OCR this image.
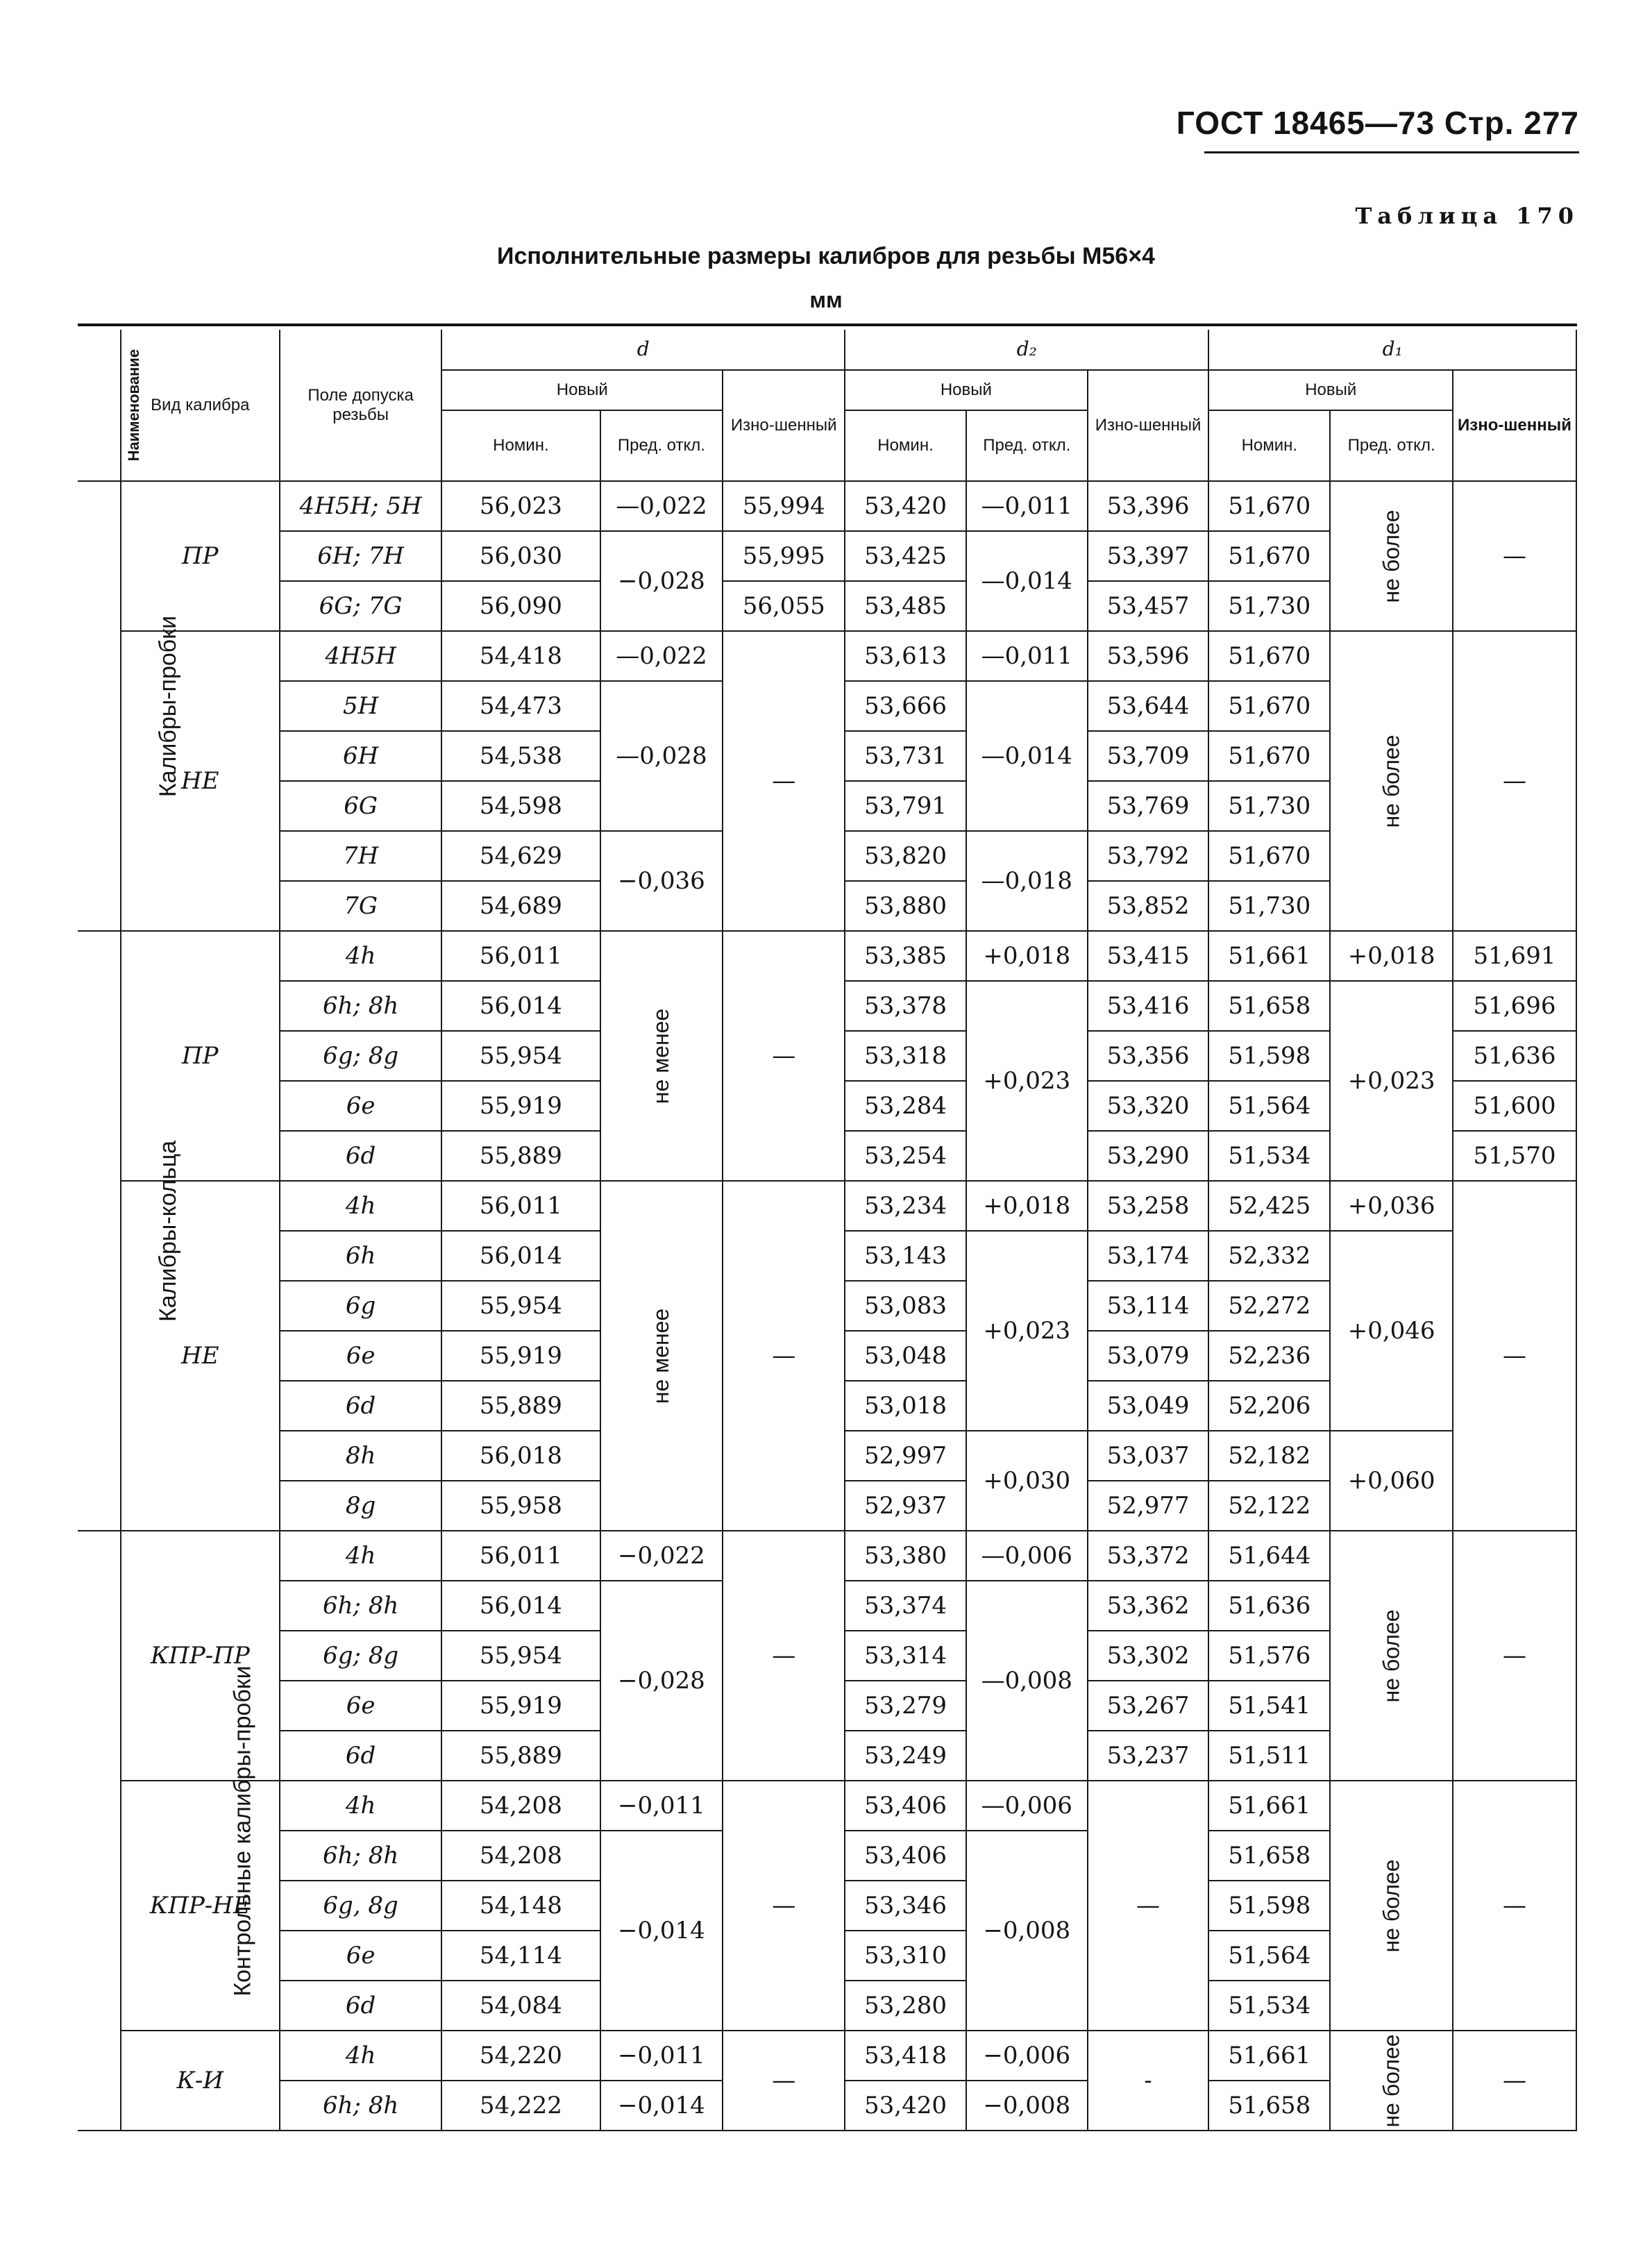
ГОСТ 18465—73 Стр. 277
Таблица 170
Исполнительные размеры калибров для резьбы М56×4
мм
Наименование	Вид калибра	Поле допуска резьбы	d			d₂			d₁		
			Новый		Изно-шенный	Новый		Изно-шенный	Новый		Изно-шенный
			Номин.	Пред. откл.		Номин.	Пред. откл.		Номин.	Пред. откл.	
Калибры-пробки	ПР	4H5H; 5H	56,023	—0,022	55,994	53,420	—0,011	53,396	51,670	не более	—
		6H; 7H	56,030	−0,028	55,995	53,425	—0,014	53,397	51,670		
		6G; 7G	56,090		56,055	53,485		53,457	51,730		
	НЕ	4H5H	54,418	—0,022	—	53,613	—0,011	53,596	51,670	не более	—
		5H	54,473	—0,028		53,666	—0,014	53,644	51,670		
		6H	54,538			53,731		53,709	51,670		
		6G	54,598			53,791		53,769	51,730		
		7H	54,629	−0,036		53,820	—0,018	53,792	51,670		
		7G	54,689			53,880		53,852	51,730		
Калибры-кольца	ПР	4h	56,011	не менее	—	53,385	+0,018	53,415	51,661	+0,018	51,691
		6h; 8h	56,014			53,378	+0,023	53,416	51,658	+0,023	51,696
		6g; 8g	55,954			53,318		53,356	51,598		51,636
		6e	55,919			53,284		53,320	51,564		51,600
		6d	55,889			53,254		53,290	51,534		51,570
	НЕ	4h	56,011	не менее	—	53,234	+0,018	53,258	52,425	+0,036	—
		6h	56,014			53,143	+0,023	53,174	52,332	+0,046	
		6g	55,954			53,083		53,114	52,272		
		6e	55,919			53,048		53,079	52,236		
		6d	55,889			53,018		53,049	52,206		
		8h	56,018			52,997	+0,030	53,037	52,182	+0,060	
		8g	55,958			52,937		52,977	52,122		
Контрольные калибры-пробки	КПР-ПР	4h	56,011	−0,022	—	53,380	—0,006	53,372	51,644	не более	—
		6h; 8h	56,014	−0,028		53,374	—0,008	53,362	51,636		
		6g; 8g	55,954			53,314		53,302	51,576		
		6e	55,919			53,279		53,267	51,541		
		6d	55,889			53,249		53,237	51,511		
	КПР-НЕ	4h	54,208	−0,011	—	53,406	—0,006	—	51,661	не более	—
		6h; 8h	54,208	−0,014		53,406	−0,008		51,658		
		6g, 8g	54,148			53,346			51,598		
		6e	54,114			53,310			51,564		
		6d	54,084			53,280			51,534		
	К-И	4h	54,220	−0,011	—	53,418	−0,006	-	51,661	не более	—
		6h; 8h	54,222	−0,014		53,420	−0,008		51,658		
